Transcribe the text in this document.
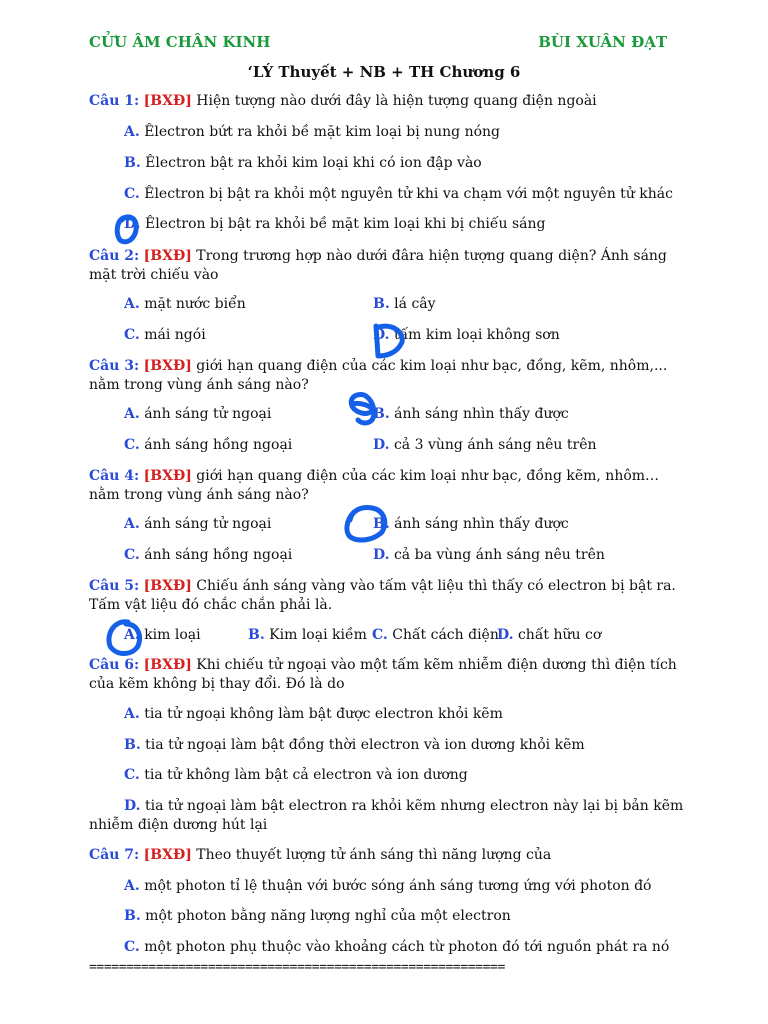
CỬU ÂM CHÂN KINH	BÙI XUÂN ĐẠT
‘LÝ Thuyết + NB + TH Chương 6
Câu 1: [BXĐ] Hiện tượng nào dưới đây là hiện tượng quang điện ngoài
A. Êlectron bứt ra khỏi bề mặt kim loại bị nung nóng
B. Êlectron bật ra khỏi kim loại khi có ion đập vào
C. Êlectron bị bật ra khỏi một nguyên tử khi va chạm với một nguyên tử khác
D. Êlectron bị bật ra khỏi bề mặt kim loại khi bị chiếu sáng
Câu 2: [BXĐ] Trong trương hợp nào dưới đâra hiện tượng quang diện? Ánh sáng mặt trời chiếu vào
A. mặt nước biển	B. lá cây
C. mái ngói	D. tấm kim loại không sơn
Câu 3: [BXĐ] giới hạn quang điện của các kim loại như bạc, đồng, kẽm, nhôm,... nằm trong vùng ánh sáng nào?
A. ánh sáng tử ngoại	B. ánh sáng nhìn thấy được
C. ánh sáng hồng ngoại	D. cả 3 vùng ánh sáng nêu trên
Câu 4: [BXĐ] giới hạn quang điện của các kim loại như bạc, đồng kẽm, nhôm… nằm trong vùng ánh sáng nào?
A. ánh sáng tử ngoại	B. ánh sáng nhìn thấy được
C. ánh sáng hồng ngoại	D. cả ba vùng ánh sáng nêu trên
Câu 5: [BXĐ] Chiếu ánh sáng vàng vào tấm vật liệu thì thấy có electron bị bật ra. Tấm vật liệu đó chắc chắn phải là.
A. kim loại	B. Kim loại kiềm C. Chất cách điện
D. chất hữu cơ
Câu 6: [BXĐ] Khi chiếu tử ngoại vào một tấm kẽm nhiễm điện dương thì điện tích của kẽm không bị thay đổi. Đó là do
A. tia tử ngoại không làm bật được electron khỏi kẽm
B. tia tử ngoại làm bật đồng thời electron và ion dương khỏi kẽm
C. tia tử không làm bật cả electron và ion dương
D. tia tử ngoại làm bật electron ra khỏi kẽm nhưng electron này lại bị bản kẽm nhiễm điện dương hút lại
Câu 7: [BXĐ] Theo thuyết lượng tử ánh sáng thì năng lượng của
A. một photon tỉ lệ thuận với bước sóng ánh sáng tương ứng với photon đó
B. một photon bằng năng lượng nghỉ của một electron
C. một photon phụ thuộc vào khoảng cách từ photon đó tới nguồn phát ra nó
========================================================
